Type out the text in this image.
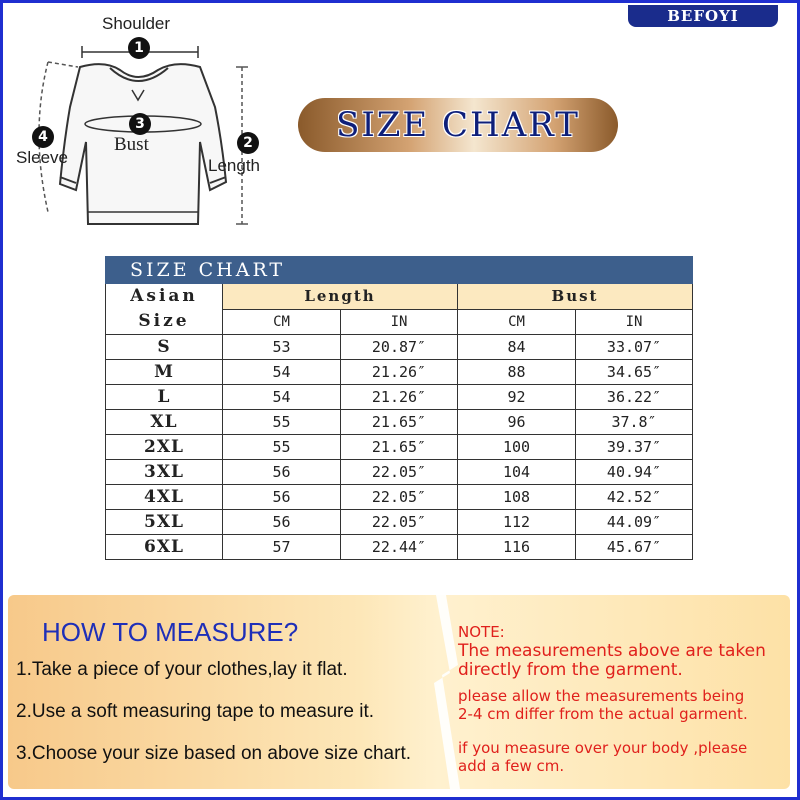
BEFOYI
Shoulder
1
2
Length
3
Bust
4
Sleeve
SIZE CHART
SIZE CHART				
Asian
Size	Length		Bust	
	CM	IN	CM	IN
S	53	20.87″	84	33.07″
M	54	21.26″	88	34.65″
L	54	21.26″	92	36.22″
XL	55	21.65″	96	37.8″
2XL	55	21.65″	100	39.37″
3XL	56	22.05″	104	40.94″
4XL	56	22.05″	108	42.52″
5XL	56	22.05″	112	44.09″
6XL	57	22.44″	116	45.67″
HOW TO MEASURE?
1.Take a piece of your clothes,lay it flat.
2.Use a soft measuring tape to measure it.
3.Choose your size based on above size chart.
NOTE:
The measurements above are taken
directly from the garment.
please allow the measurements being
2-4 cm differ from the actual garment.
if you measure over your body ,please
add a few cm.
